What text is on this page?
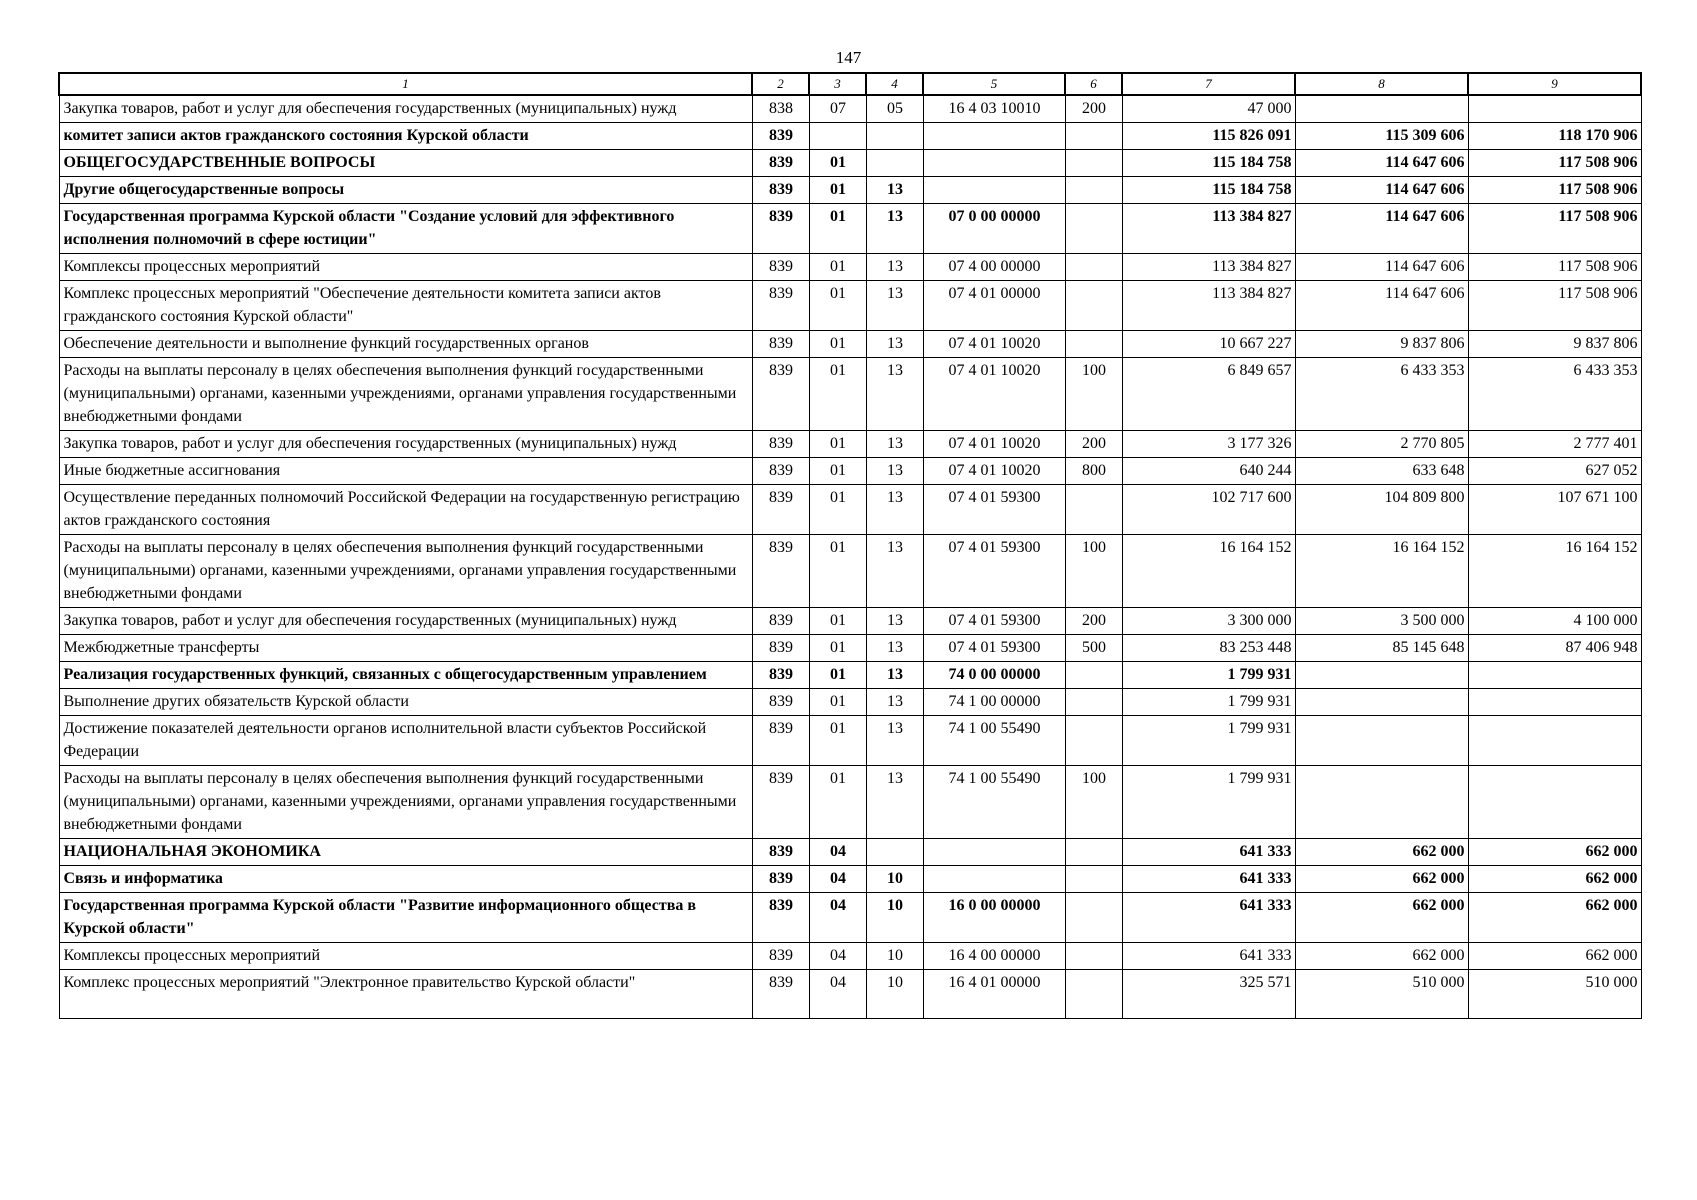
147
1	2	3	4	5	6	7	8	9
Закупка товаров, работ и услуг для обеспечения государственных (муниципальных) нужд	838	07	05	16 4 03 10010	200	47 000		
комитет записи актов гражданского состояния Курской области	839					115 826 091	115 309 606	118 170 906
ОБЩЕГОСУДАРСТВЕННЫЕ ВОПРОСЫ	839	01				115 184 758	114 647 606	117 508 906
Другие общегосударственные вопросы	839	01	13			115 184 758	114 647 606	117 508 906
Государственная программа Курской области "Создание условий для эффективного исполнения полномочий в сфере юстиции"	839	01	13	07 0 00 00000		113 384 827	114 647 606	117 508 906
Комплексы процессных мероприятий	839	01	13	07 4 00 00000		113 384 827	114 647 606	117 508 906
Комплекс процессных мероприятий "Обеспечение деятельности комитета записи актов гражданского состояния Курской области"	839	01	13	07 4 01 00000		113 384 827	114 647 606	117 508 906
Обеспечение деятельности и выполнение функций государственных органов	839	01	13	07 4 01 10020		10 667 227	9 837 806	9 837 806
Расходы на выплаты персоналу в целях обеспечения выполнения функций государственными (муниципальными) органами, казенными учреждениями, органами управления государственными внебюджетными фондами	839	01	13	07 4 01 10020	100	6 849 657	6 433 353	6 433 353
Закупка товаров, работ и услуг для обеспечения государственных (муниципальных) нужд	839	01	13	07 4 01 10020	200	3 177 326	2 770 805	2 777 401
Иные бюджетные ассигнования	839	01	13	07 4 01 10020	800	640 244	633 648	627 052
Осуществление переданных полномочий Российской Федерации на государственную регистрацию актов гражданского состояния	839	01	13	07 4 01 59300		102 717 600	104 809 800	107 671 100
Расходы на выплаты персоналу в целях обеспечения выполнения функций государственными (муниципальными) органами, казенными учреждениями, органами управления государственными внебюджетными фондами	839	01	13	07 4 01 59300	100	16 164 152	16 164 152	16 164 152
Закупка товаров, работ и услуг для обеспечения государственных (муниципальных) нужд	839	01	13	07 4 01 59300	200	3 300 000	3 500 000	4 100 000
Межбюджетные трансферты	839	01	13	07 4 01 59300	500	83 253 448	85 145 648	87 406 948
Реализация государственных функций, связанных с общегосударственным управлением	839	01	13	74 0 00 00000		1 799 931		
Выполнение других обязательств Курской области	839	01	13	74 1 00 00000		1 799 931		
Достижение показателей деятельности органов исполнительной власти субъектов Российской Федерации	839	01	13	74 1 00 55490		1 799 931		
Расходы на выплаты персоналу в целях обеспечения выполнения функций государственными (муниципальными) органами, казенными учреждениями, органами управления государственными внебюджетными фондами	839	01	13	74 1 00 55490	100	1 799 931		
НАЦИОНАЛЬНАЯ ЭКОНОМИКА	839	04				641 333	662 000	662 000
Связь и информатика	839	04	10			641 333	662 000	662 000
Государственная программа Курской области "Развитие информационного общества в Курской области"	839	04	10	16 0 00 00000		641 333	662 000	662 000
Комплексы процессных мероприятий	839	04	10	16 4 00 00000		641 333	662 000	662 000
Комплекс процессных мероприятий "Электронное правительство Курской области"	839	04	10	16 4 01 00000		325 571	510 000	510 000
